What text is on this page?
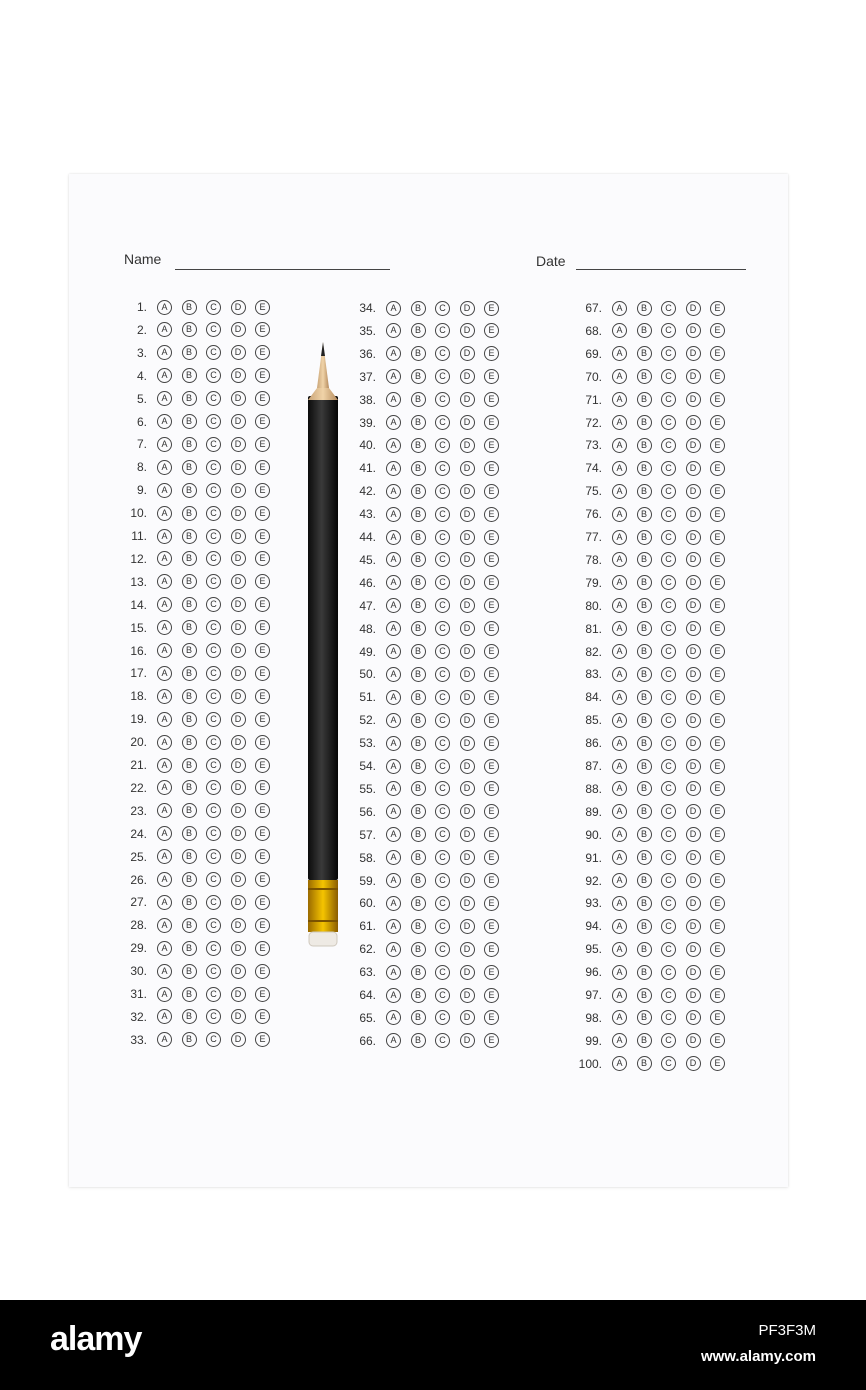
Name	Date
1.	A	B	C	D	E
2.	A	B	C	D	E
3.	A	B	C	D	E
4.	A	B	C	D	E
5.	A	B	C	D	E
6.	A	B	C	D	E
7.	A	B	C	D	E
8.	A	B	C	D	E
9.	A	B	C	D	E
10.	A	B	C	D	E
11.	A	B	C	D	E
12.	A	B	C	D	E
13.	A	B	C	D	E
14.	A	B	C	D	E
15.	A	B	C	D	E
16.	A	B	C	D	E
17.	A	B	C	D	E
18.	A	B	C	D	E
19.	A	B	C	D	E
20.	A	B	C	D	E
21.	A	B	C	D	E
22.	A	B	C	D	E
23.	A	B	C	D	E
24.	A	B	C	D	E
25.	A	B	C	D	E
26.	A	B	C	D	E
27.	A	B	C	D	E
28.	A	B	C	D	E
29.	A	B	C	D	E
30.	A	B	C	D	E
31.	A	B	C	D	E
32.	A	B	C	D	E
33.	A	B	C	D	E
34.	A	B	C	D	E
35.	A	B	C	D	E
36.	A	B	C	D	E
37.	A	B	C	D	E
38.	A	B	C	D	E
39.	A	B	C	D	E
40.	A	B	C	D	E
41.	A	B	C	D	E
42.	A	B	C	D	E
43.	A	B	C	D	E
44.	A	B	C	D	E
45.	A	B	C	D	E
46.	A	B	C	D	E
47.	A	B	C	D	E
48.	A	B	C	D	E
49.	A	B	C	D	E
50.	A	B	C	D	E
51.	A	B	C	D	E
52.	A	B	C	D	E
53.	A	B	C	D	E
54.	A	B	C	D	E
55.	A	B	C	D	E
56.	A	B	C	D	E
57.	A	B	C	D	E
58.	A	B	C	D	E
59.	A	B	C	D	E
60.	A	B	C	D	E
61.	A	B	C	D	E
62.	A	B	C	D	E
63.	A	B	C	D	E
64.	A	B	C	D	E
65.	A	B	C	D	E
66.	A	B	C	D	E
67.	A	B	C	D	E
68.	A	B	C	D	E
69.	A	B	C	D	E
70.	A	B	C	D	E
71.	A	B	C	D	E
72.	A	B	C	D	E
73.	A	B	C	D	E
74.	A	B	C	D	E
75.	A	B	C	D	E
76.	A	B	C	D	E
77.	A	B	C	D	E
78.	A	B	C	D	E
79.	A	B	C	D	E
80.	A	B	C	D	E
81.	A	B	C	D	E
82.	A	B	C	D	E
83.	A	B	C	D	E
84.	A	B	C	D	E
85.	A	B	C	D	E
86.	A	B	C	D	E
87.	A	B	C	D	E
88.	A	B	C	D	E
89.	A	B	C	D	E
90.	A	B	C	D	E
91.	A	B	C	D	E
92.	A	B	C	D	E
93.	A	B	C	D	E
94.	A	B	C	D	E
95.	A	B	C	D	E
96.	A	B	C	D	E
97.	A	B	C	D	E
98.	A	B	C	D	E
99.	A	B	C	D	E
100.	A	B	C	D	E
alamy	PF3F3M
www.alamy.com
